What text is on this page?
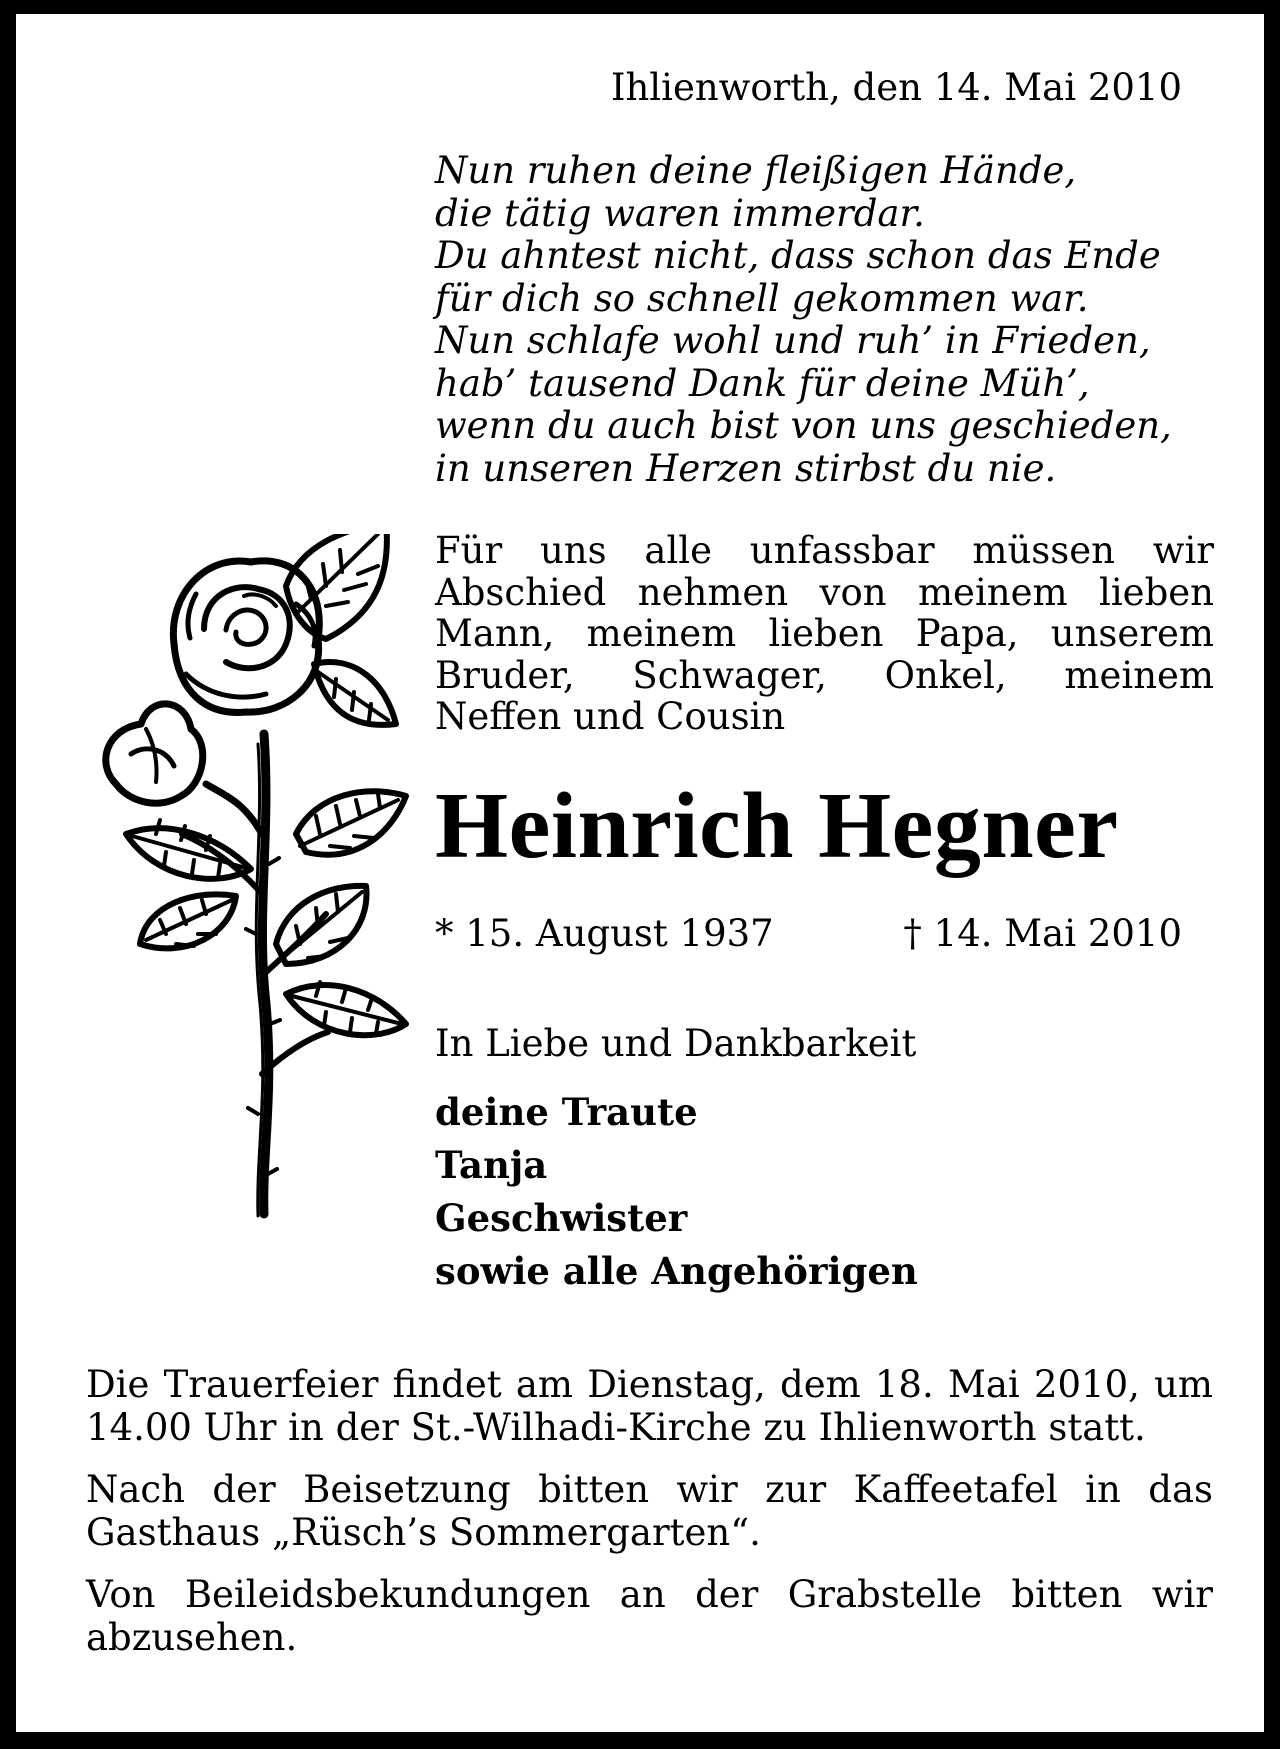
Ihlienworth, den 14. Mai 2010
Nun ruhen deine fleißigen Hände,
die tätig waren immerdar.
Du ahntest nicht, dass schon das Ende
für dich so schnell gekommen war.
Nun schlafe wohl und ruh’ in Frieden,
hab’ tausend Dank für deine Müh’,
wenn du auch bist von uns geschieden,
in unseren Herzen stirbst du nie.
Für uns alle unfassbar müssen wir Abschied nehmen von meinem lieben Mann, meinem lieben Papa, unserem Bruder, Schwager, Onkel, meinem Neffen und Cousin
Heinrich Hegner
* 15. August 1937	† 14. Mai 2010
In Liebe und Dankbarkeit
deine Traute
Tanja
Geschwister
sowie alle Angehörigen

Die Trauerfeier findet am Dienstag, dem 18. Mai 2010, um 14.00 Uhr in der St.-Wilhadi-Kirche zu Ihlienworth statt.

Nach der Beisetzung bitten wir zur Kaffeetafel in das Gasthaus „Rüsch’s Sommergarten“.

Von Beileidsbekundungen an der Grabstelle bitten wir abzusehen.
